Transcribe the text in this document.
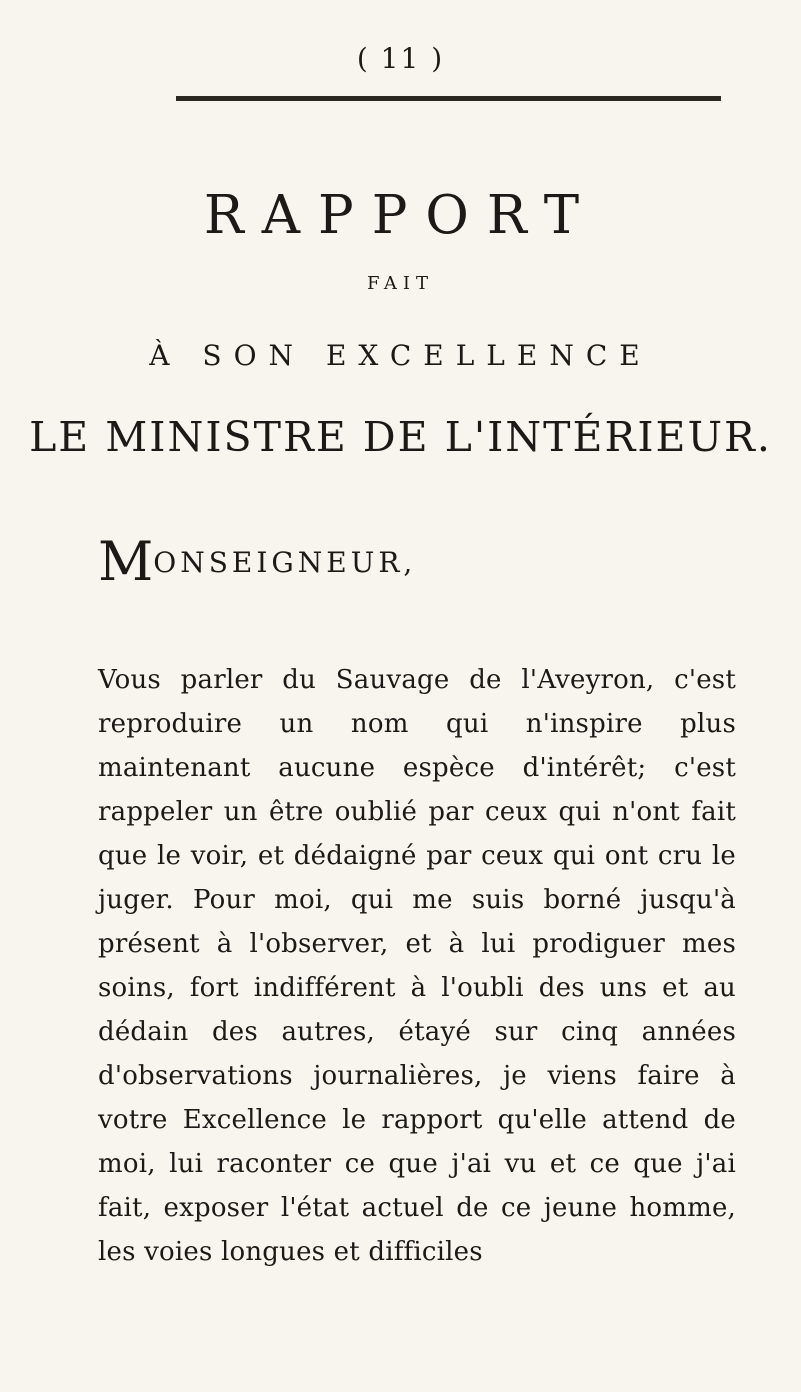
( 11 )
RAPPORT
FAIT
À SON EXCELLENCE
LE MINISTRE DE L'INTÉRIEUR.
MONSEIGNEUR,

Vous parler du Sauvage de l'Aveyron, c'est reproduire un nom qui n'inspire plus maintenant aucune espèce d'intérêt; c'est rappeler un être oublié par ceux qui n'ont fait que le voir, et dédaigné par ceux qui ont cru le juger. Pour moi, qui me suis borné jusqu'à présent à l'observer, et à lui prodiguer mes soins, fort indifférent à l'oubli des uns et au dédain des autres, étayé sur cinq années d'observations journalières, je viens faire à votre Excellence le rapport qu'elle attend de moi, lui raconter ce que j'ai vu et ce que j'ai fait, exposer l'état actuel de ce jeune homme, les voies longues et difficiles
